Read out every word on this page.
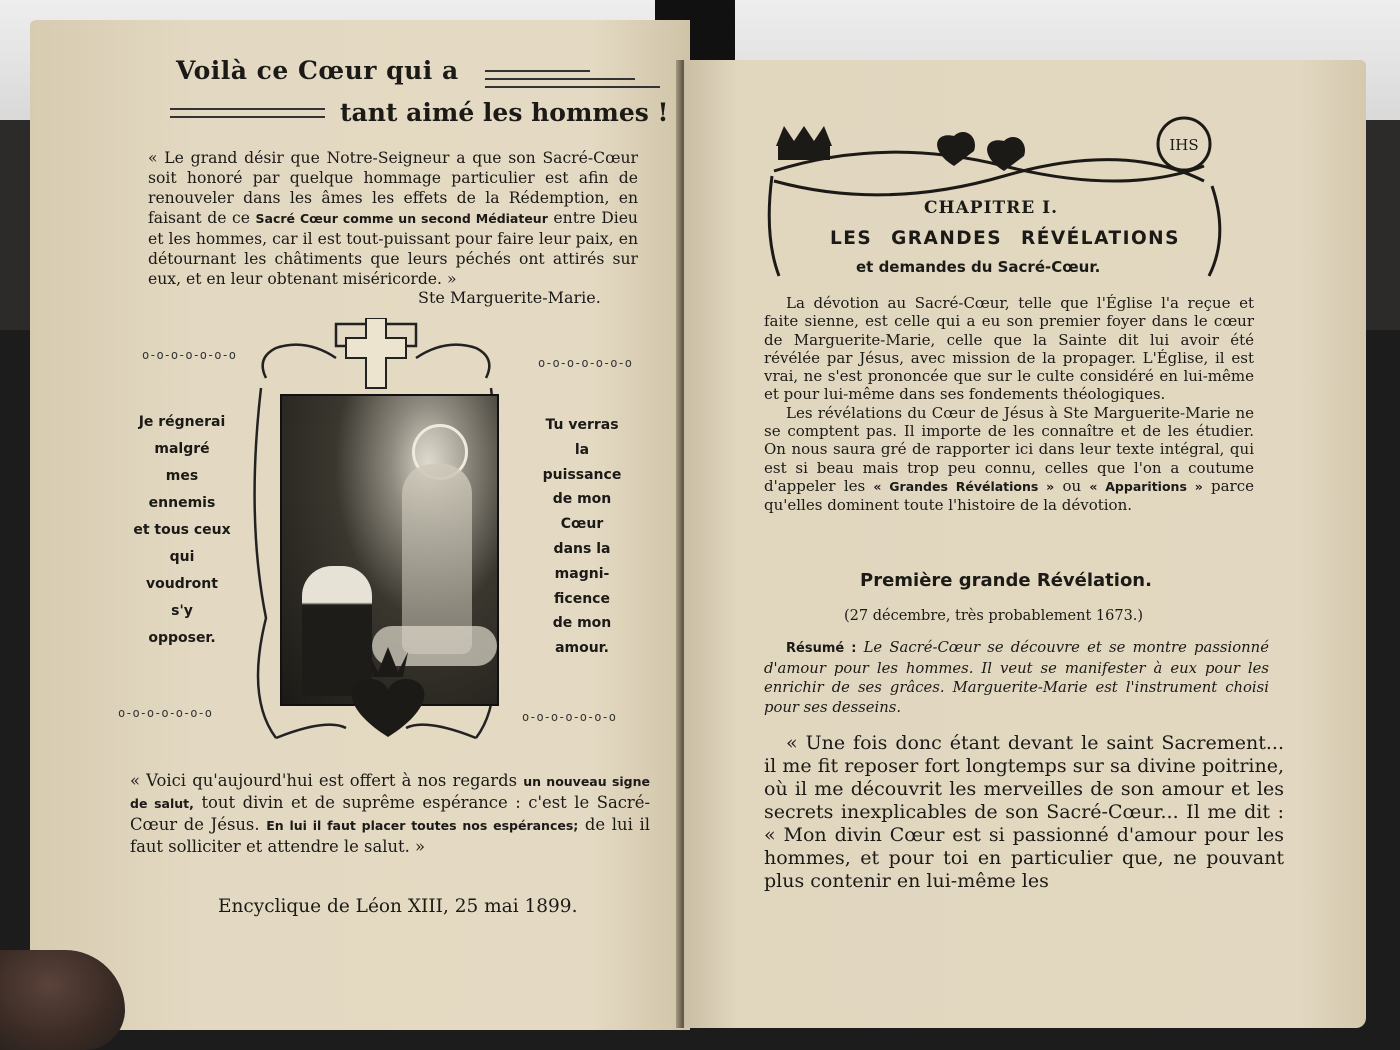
Voilà ce Cœur qui a
tant aimé les hommes !

« Le grand désir que Notre-Seigneur a que son Sacré-Cœur soit honoré par quelque hommage particulier est afin de renouveler dans les âmes les effets de la Rédemption, en faisant de ce Sacré Cœur comme un second Médiateur entre Dieu et les hommes, car il est tout-puissant pour faire leur paix, en détournant les châtiments que leurs péchés ont attirés sur eux, et en leur obtenant miséricorde. »

Ste Marguerite-Marie.

o-o-o-o-o-o-o
o-o-o-o-o-o-o
o-o-o-o-o-o-o	o-o-o-o-o-o-o
Je régnerai
malgré
mes
ennemis
et tous ceux
qui
voudront
s'y
opposer.
Tu verras
la
puissance
de mon
Cœur
dans la
magni-
ficence
de mon
amour.

« Voici qu'aujourd'hui est offert à nos regards un nouveau signe de salut, tout divin et de suprême espérance : c'est le Sacré-Cœur de Jésus. En lui il faut placer toutes nos espérances; de lui il faut solliciter et attendre le salut. »

Encyclique de Léon XIII, 25 mai 1899.

IHS
CHAPITRE I.
LES GRANDES RÉVÉLATIONS
et demandes du Sacré-Cœur.

La dévotion au Sacré-Cœur, telle que l'Église l'a reçue et faite sienne, est celle qui a eu son premier foyer dans le cœur de Marguerite-Marie, celle que la Sainte dit lui avoir été révélée par Jésus, avec mission de la propager. L'Église, il est vrai, ne s'est prononcée que sur le culte considéré en lui-même et pour lui-même dans ses fondements théologiques.

Les révélations du Cœur de Jésus à Ste Marguerite-Marie ne se comptent pas. Il importe de les connaître et de les étudier. On nous saura gré de rapporter ici dans leur texte intégral, qui est si beau mais trop peu connu, celles que l'on a coutume d'appeler les « Grandes Révélations » ou « Apparitions » parce qu'elles dominent toute l'histoire de la dévotion.

Première grande Révélation.

(27 décembre, très probablement 1673.)

Résumé : Le Sacré-Cœur se découvre et se montre passionné d'amour pour les hommes. Il veut se manifester à eux pour les enrichir de ses grâces. Marguerite-Marie est l'instrument choisi pour ses desseins.

« Une fois donc étant devant le saint Sacrement... il me fit reposer fort longtemps sur sa divine poitrine, où il me découvrit les merveilles de son amour et les secrets inexplicables de son Sacré-Cœur... Il me dit : « Mon divin Cœur est si passionné d'amour pour les hommes, et pour toi en particulier que, ne pouvant plus contenir en lui-même les
